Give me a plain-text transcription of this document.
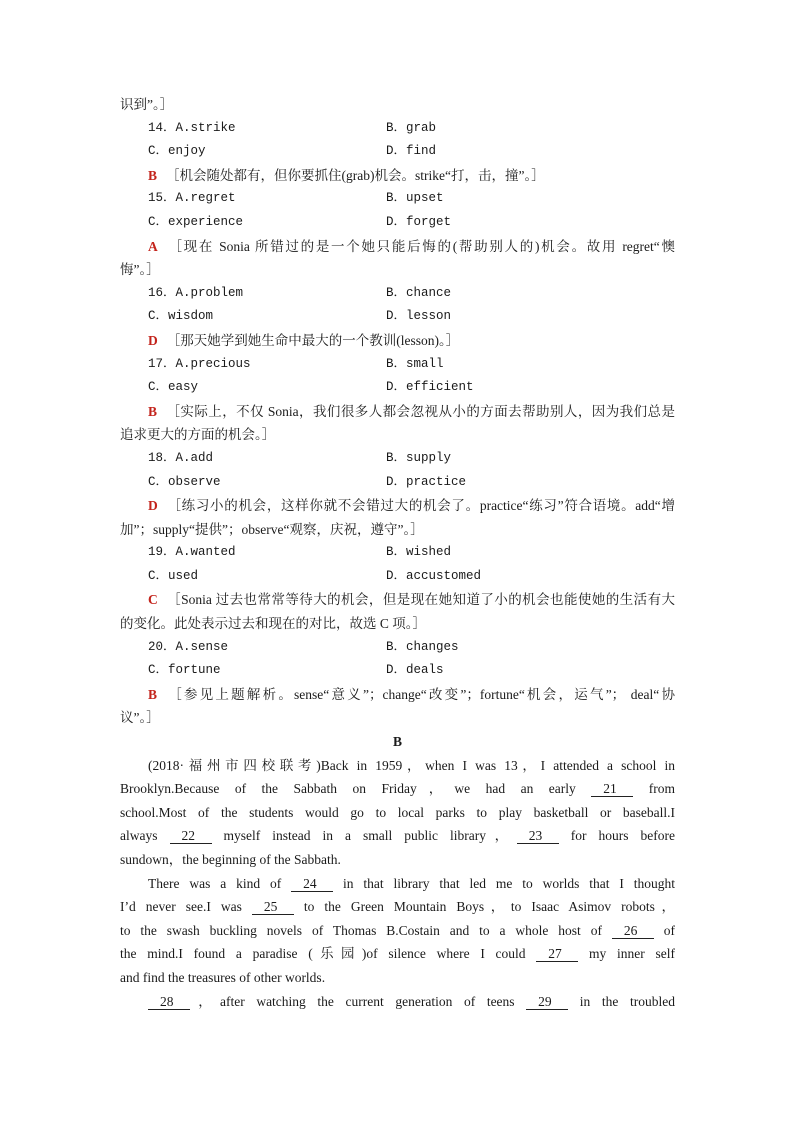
识到”。］
14．A.strike	B．grab
C．enjoy	D．find
B ［机会随处都有，但你要抓住(grab)机会。strike“打，击，撞”。］
15．A.regret	B．upset
C．experience	D．forget
A ［现在 Sonia 所错过的是一个她只能后悔的(帮助别人的)机会。故用 regret“懊
悔”。］
16．A.problem	B．chance
C．wisdom	D．lesson
D ［那天她学到她生命中最大的一个教训(lesson)。］
17．A.precious	B．small
C．easy	D．efficient
B ［实际上，不仅 Sonia，我们很多人都会忽视从小的方面去帮助别人，因为我们总是
追求更大的方面的机会。］
18．A.add	B．supply
C．observe	D．practice
D ［练习小的机会，这样你就不会错过大的机会了。practice“练习”符合语境。add“增
加”；supply“提供”；observe“观察，庆祝，遵守”。］
19．A.wanted	B．wished
C．used	D．accustomed
C ［Sonia 过去也常常等待大的机会，但是现在她知道了小的机会也能使她的生活有大
的变化。此处表示过去和现在的对比，故选 C 项。］
20．A.sense	B．changes
C．fortune	D．deals
B ［参见上题解析。sense“意义”；change“改变”；fortune“机会，运气”； deal“协
议”。］
B
(2018·福州市四校联考)Back in 1959，when I was 13，I attended a school in
Brooklyn.Because of the Sabbath on Friday，we had an early 21 from
school.Most of the students would go to local parks to play basketball or baseball.I
always 22 myself instead in a small public library， 23 for hours before
sundown，the beginning of the Sabbath.
There was a kind of 24 in that library that led me to worlds that I thought
I’d never see.I was 25 to the Green Mountain Boys，to Isaac Asimov robots，
to the swash buckling novels of Thomas B.Costain and to a whole host of 26 of
the mind.I found a paradise (乐园)of silence where I could 27 my inner self
and find the treasures of other worlds.
28 ，after watching the current generation of teens 29 in the troubled
